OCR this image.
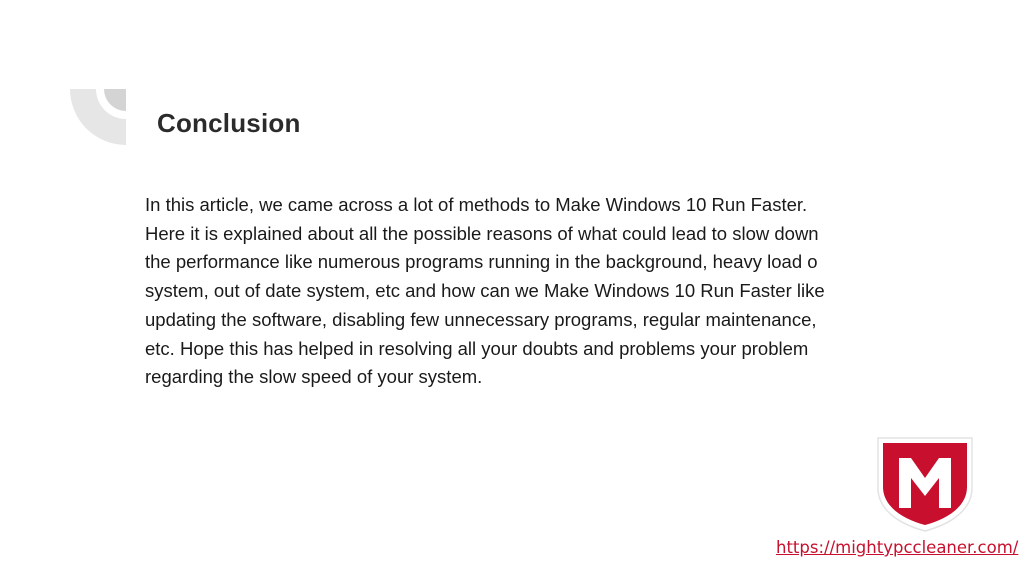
Conclusion
In this article, we came across a lot of methods to Make Windows 10 Run Faster.
Here it is explained about all the possible reasons of what could lead to slow down
the performance like numerous programs running in the background, heavy load o
system, out of date system, etc and how can we Make Windows 10 Run Faster like
updating the software, disabling few unnecessary programs, regular maintenance,
etc. Hope this has helped in resolving all your doubts and problems your problem
regarding the slow speed of your system.
https://mightypccleaner.com/
